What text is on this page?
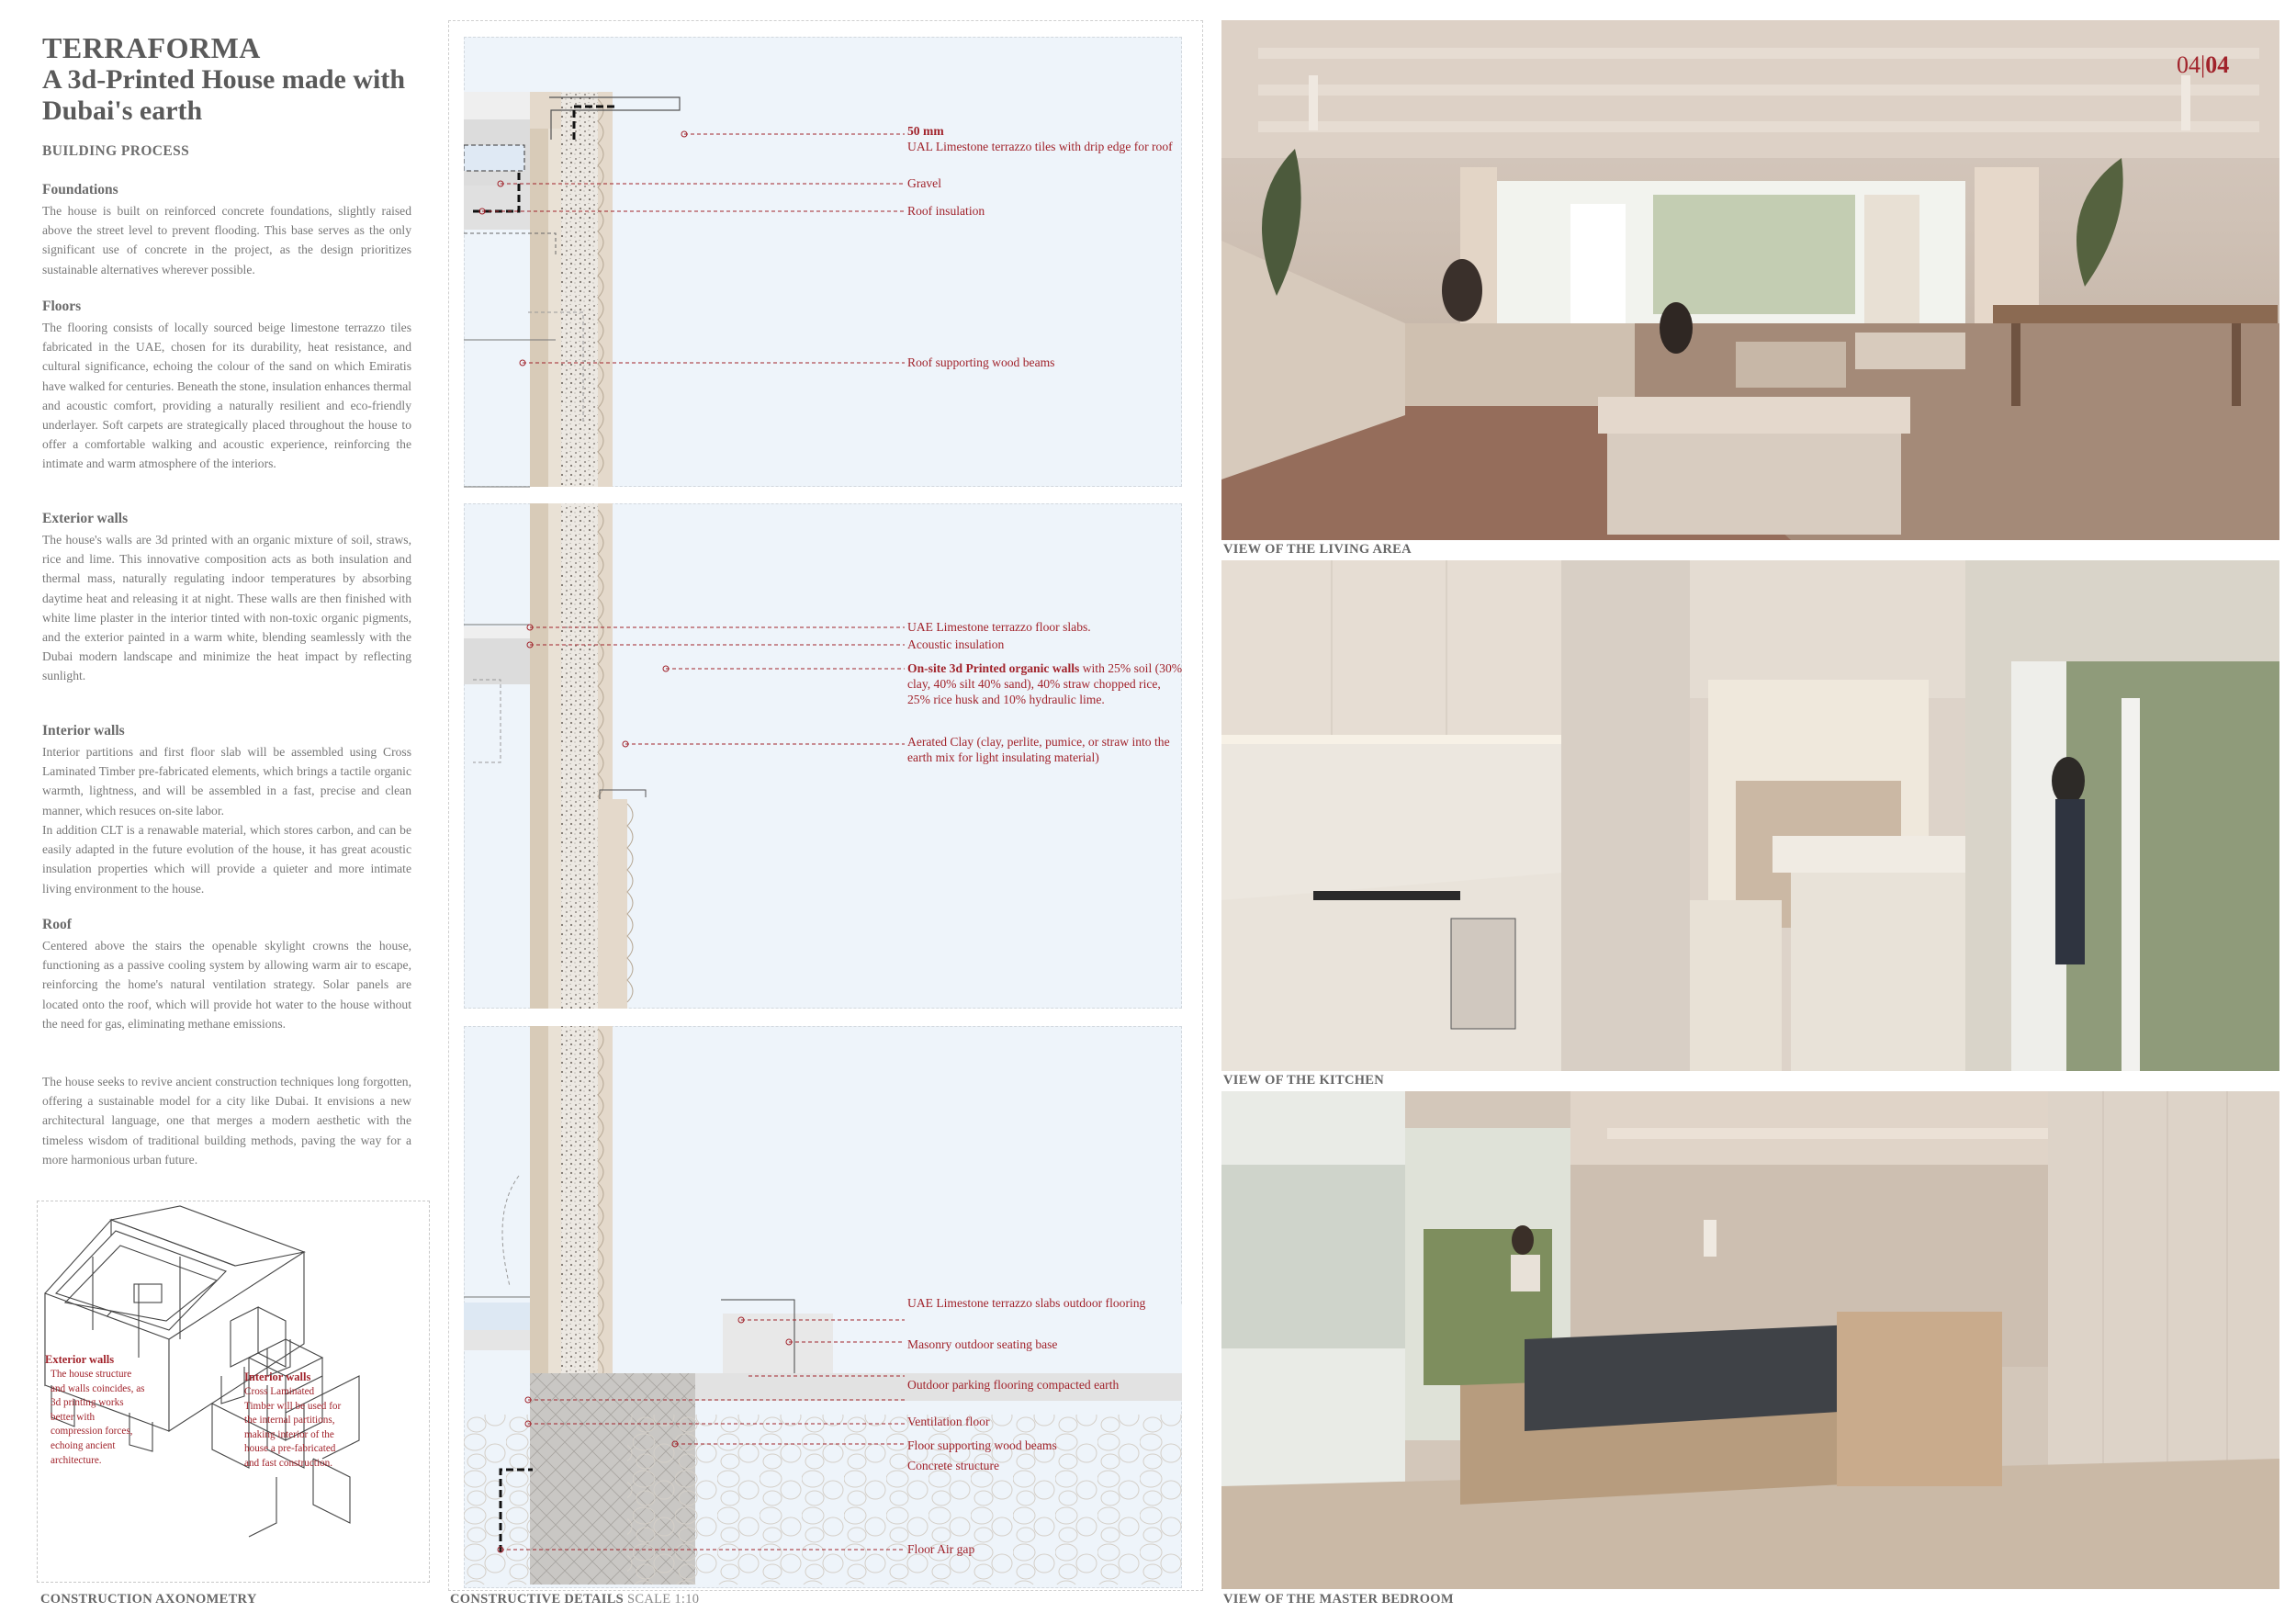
TERRAFORMA
A 3d-Printed House made with Dubai's earth
BUILDING PROCESS
Foundations

The house is built on reinforced concrete foundations, slightly raised above the street level to prevent flooding. This base serves as the only significant use of concrete in the project, as the design prioritizes sustainable alternatives wherever possible.

Floors

The flooring consists of locally sourced beige limestone terrazzo tiles fabricated in the UAE, chosen for its durability, heat resistance, and cultural significance, echoing the colour of the sand on which Emiratis have walked for centuries. Beneath the stone, insulation enhances thermal and acoustic comfort, providing a naturally resilient and eco-friendly underlayer. Soft carpets are strategically placed throughout the house to offer a comfortable walking and acoustic experience, reinforcing the intimate and warm atmosphere of the interiors.

Exterior walls

The house's walls are 3d printed with an organic mixture of soil, straws, rice and lime. This innovative composition acts as both insulation and thermal mass, naturally regulating indoor temperatures by absorbing daytime heat and releasing it at night. These walls are then finished with white lime plaster in the interior tinted with non-toxic organic pigments, and the exterior painted in a warm white, blending seamlessly with the Dubai modern landscape and minimize the heat impact by reflecting sunlight.

Interior walls

Interior partitions and first floor slab will be assembled using Cross Laminated Timber pre-fabricated elements, which brings a tactile organic warmth, lightness, and will be assembled in a fast, precise and clean manner, which resuces on-site labor.

In addition CLT is a renawable material, which stores carbon, and can be easily adapted in the future evolution of the house, it has great acoustic insulation properties which will provide a quieter and more intimate living environment to the house.

Roof

Centered above the stairs the openable skylight crowns the house, functioning as a passive cooling system by allowing warm air to escape, reinforcing the home's natural ventilation strategy. Solar panels are located onto the roof, which will provide hot water to the house without the need for gas, eliminating methane emissions.

The house seeks to revive ancient construction techniques long forgotten, offering a sustainable model for a city like Dubai. It envisions a new architectural language, one that merges a modern aesthetic with the timeless wisdom of traditional building methods, paving the way for a more harmonious urban future.

Exterior walls

The house structure and walls coincides, as 3d printing works better with compression forces, echoing ancient architecture.

Interior walls

Cross Laminated Timber will be used for the internal partitions, making interior of the house a pre-fabricated and fast construction.

CONSTRUCTION AXONOMETRY
50 mm
UAL Limestone terrazzo tiles with drip edge for roof
Gravel
Roof insulation
Roof supporting wood beams
UAE Limestone terrazzo floor slabs.
Acoustic insulation
On-site 3d Printed organic walls with 25% soil (30% clay, 40% silt 40% sand), 40% straw chopped rice, 25% rice husk and 10% hydraulic lime.
Aerated Clay (clay, perlite, pumice, or straw into the earth mix for light insulating material)
UAE Limestone terrazzo slabs outdoor flooring
Masonry outdoor seating base
Outdoor parking flooring compacted earth
Ventilation floor
Floor supporting wood beams
Concrete structure
Floor Air gap
CONSTRUCTIVE DETAILS SCALE 1:10
04|04
VIEW OF THE LIVING AREA
VIEW OF THE KITCHEN
VIEW OF THE MASTER BEDROOM
